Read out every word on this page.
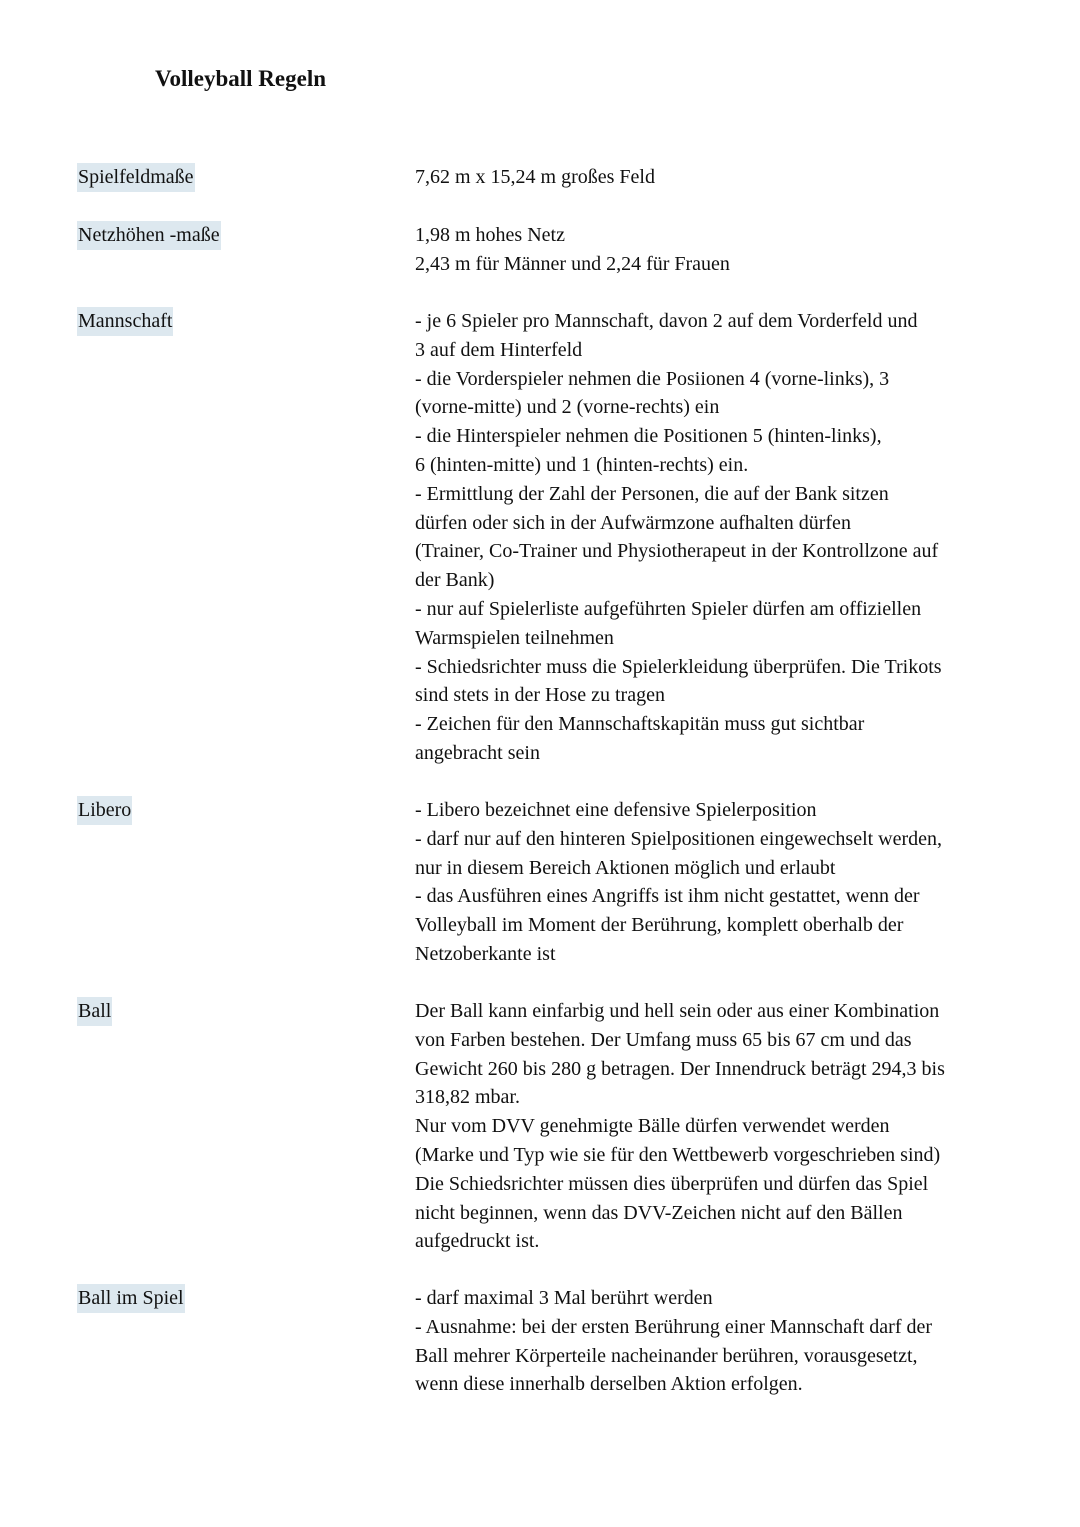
Volleyball Regeln
Spielfeldmaße	7,62 m x 15,24 m großes Feld
Netzhöhen -maße	1,98 m hohes Netz
2,43 m für Männer und 2,24 für Frauen
Mannschaft	- je 6 Spieler pro Mannschaft, davon 2 auf dem Vorderfeld und
3 auf dem Hinterfeld
- die Vorderspieler nehmen die Posiionen 4 (vorne-links), 3
(vorne-mitte) und 2 (vorne-rechts) ein
- die Hinterspieler nehmen die Positionen 5 (hinten-links),
6 (hinten-mitte) und 1 (hinten-rechts) ein.
- Ermittlung der Zahl der Personen, die auf der Bank sitzen
dürfen oder sich in der Aufwärmzone aufhalten dürfen
(Trainer, Co-Trainer und Physiotherapeut in der Kontrollzone auf
der Bank)
- nur auf Spielerliste aufgeführten Spieler dürfen am offiziellen
Warmspielen teilnehmen
- Schiedsrichter muss die Spielerkleidung überprüfen. Die Trikots
sind stets in der Hose zu tragen
- Zeichen für den Mannschaftskapitän muss gut sichtbar
angebracht sein
Libero	- Libero bezeichnet eine defensive Spielerposition
- darf nur auf den hinteren Spielpositionen eingewechselt werden,
nur in diesem Bereich Aktionen möglich und erlaubt
- das Ausführen eines Angriffs ist ihm nicht gestattet, wenn der
Volleyball im Moment der Berührung, komplett oberhalb der
Netzoberkante ist
Ball	Der Ball kann einfarbig und hell sein oder aus einer Kombination
von Farben bestehen. Der Umfang muss 65 bis 67 cm und das
Gewicht 260 bis 280 g betragen. Der Innendruck beträgt 294,3 bis
318,82 mbar.
Nur vom DVV genehmigte Bälle dürfen verwendet werden
(Marke und Typ wie sie für den Wettbewerb vorgeschrieben sind)
Die Schiedsrichter müssen dies überprüfen und dürfen das Spiel
nicht beginnen, wenn das DVV-Zeichen nicht auf den Bällen
aufgedruckt ist.
Ball im Spiel	- darf maximal 3 Mal berührt werden
- Ausnahme: bei der ersten Berührung einer Mannschaft darf der
Ball mehrer Körperteile nacheinander berühren, vorausgesetzt,
wenn diese innerhalb derselben Aktion erfolgen.
